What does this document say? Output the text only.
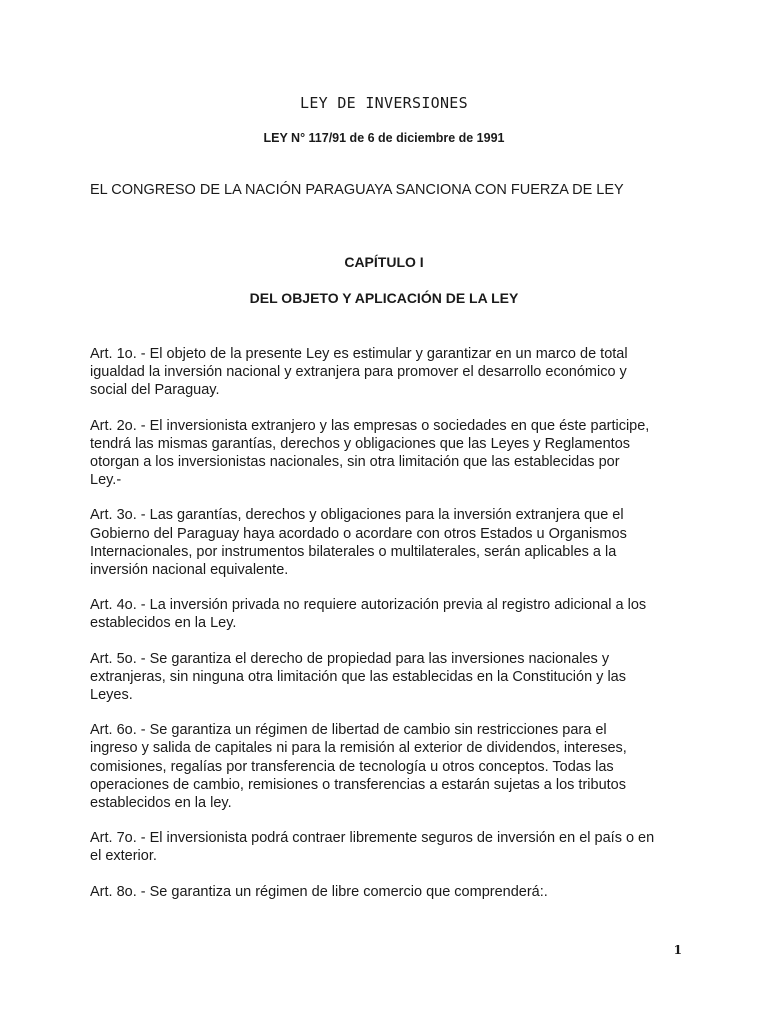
LEY DE INVERSIONES
LEY N° 117/91 de 6 de diciembre de 1991
EL CONGRESO DE LA NACIÓN PARAGUAYA SANCIONA CON FUERZA DE LEY
CAPÍTULO I
DEL OBJETO Y APLICACIÓN DE LA LEY

Art. 1o. - El objeto de la presente Ley es estimular y garantizar en un marco de total
igualdad la inversión nacional y extranjera para promover el desarrollo económico y
social del Paraguay.

Art. 2o. - El inversionista extranjero y las empresas o sociedades en que éste participe,
tendrá las mismas garantías, derechos y obligaciones que las Leyes y Reglamentos
otorgan a los inversionistas nacionales, sin otra limitación que las establecidas por
Ley.-

Art. 3o. - Las garantías, derechos y obligaciones para la inversión extranjera que el
Gobierno del Paraguay haya acordado o acordare con otros Estados u Organismos
Internacionales, por instrumentos bilaterales o multilaterales, serán aplicables a la
inversión nacional equivalente.

Art. 4o. - La inversión privada no requiere autorización previa al registro adicional a los
establecidos en la Ley.

Art. 5o. - Se garantiza el derecho de propiedad para las inversiones nacionales y
extranjeras, sin ninguna otra limitación que las establecidas en la Constitución y las
Leyes.

Art. 6o. - Se garantiza un régimen de libertad de cambio sin restricciones para el
ingreso y salida de capitales ni para la remisión al exterior de dividendos, intereses,
comisiones, regalías por transferencia de tecnología u otros conceptos. Todas las
operaciones de cambio, remisiones o transferencias a estarán sujetas a los tributos
establecidos en la ley.

Art. 7o. - El inversionista podrá contraer libremente seguros de inversión en el país o en
el exterior.

Art. 8o. - Se garantiza un régimen de libre comercio que comprenderá:.

1
